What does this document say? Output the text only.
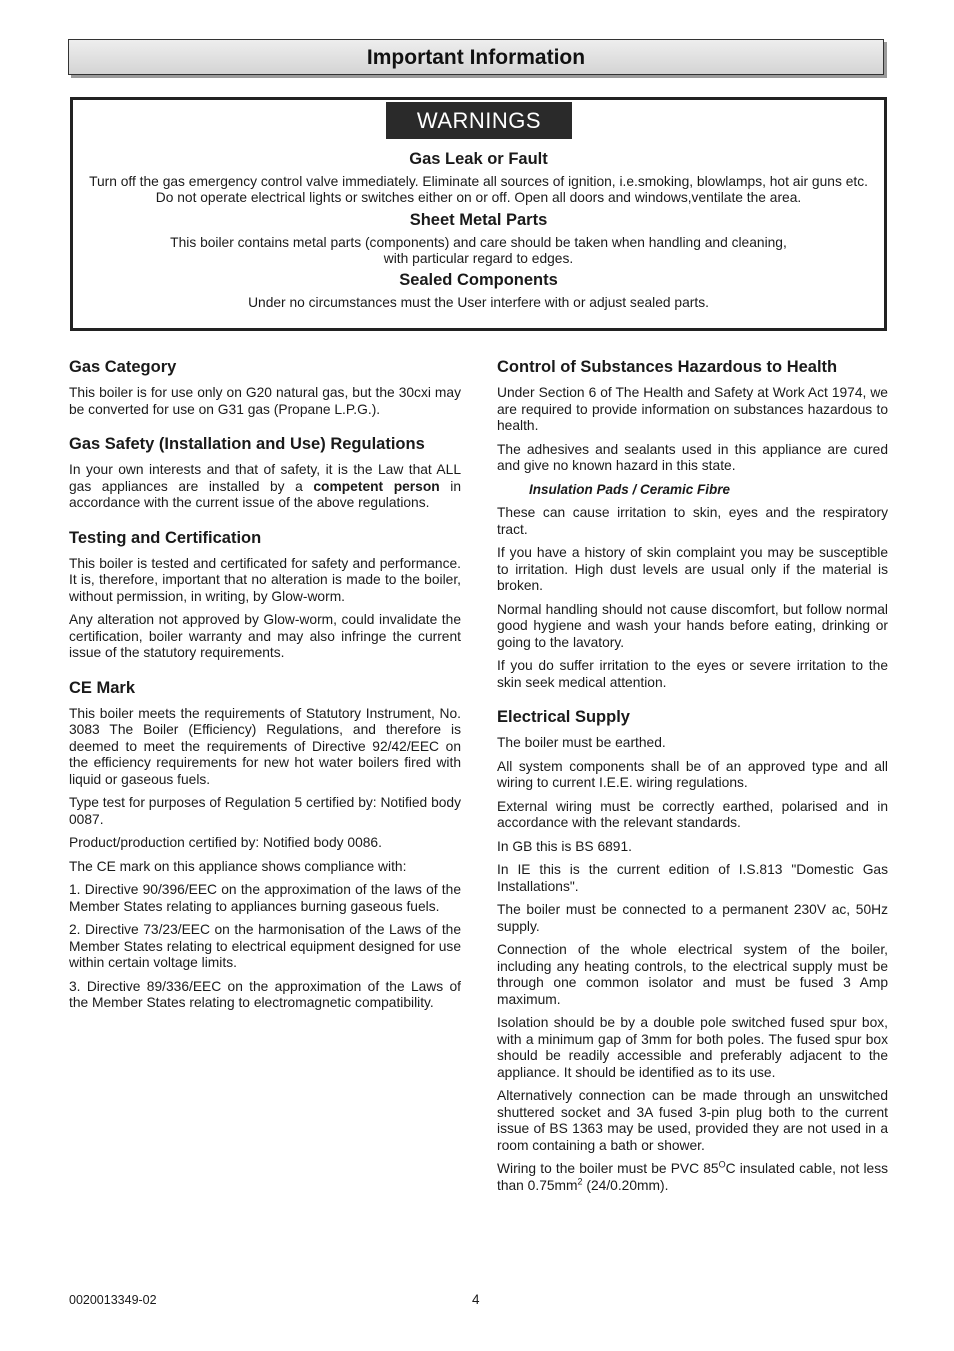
Important Information
WARNINGS
Gas Leak or Fault

Turn off the gas emergency control valve immediately. Eliminate all sources of ignition, i.e.smoking, blowlamps, hot air guns etc. Do not operate electrical lights or switches either on or off. Open all doors and windows,ventilate the area.

Sheet Metal Parts

This boiler contains metal parts (components) and care should be taken when handling and cleaning,
with particular regard to edges.

Sealed Components

Under no circumstances must the User interfere with or adjust sealed parts.

Gas Category

This boiler is for use only on G20 natural gas, but the 30cxi may be converted for use on G31 gas (Propane L.P.G.).

Gas Safety (Installation and Use) Regulations

In your own interests and that of safety, it is the Law that ALL gas appliances are installed by a competent person in accordance with the current issue of the above regulations.

Testing and Certification

This boiler is tested and certificated for safety and performance. It is, therefore, important that no alteration is made to the boiler, without permission, in writing, by Glow-worm.

Any alteration not approved by Glow-worm, could invalidate the certification, boiler warranty and may also infringe the current issue of the statutory requirements.

CE Mark

This boiler meets the requirements of Statutory Instrument, No. 3083 The Boiler (Efficiency) Regulations, and therefore is deemed to meet the requirements of Directive 92/42/EEC on the efficiency requirements for new hot water boilers fired with liquid or gaseous fuels.

Type test for purposes of Regulation 5 certified by: Notified body 0087.

Product/production certified by: Notified body 0086.

The CE mark on this appliance shows compliance with:

1. Directive 90/396/EEC on the approximation of the laws of the Member States relating to appliances burning gaseous fuels.

2. Directive 73/23/EEC on the harmonisation of the Laws of the Member States relating to electrical equipment designed for use within certain voltage limits.

3. Directive 89/336/EEC on the approximation of the Laws of the Member States relating to electromagnetic compatibility.

Control of Substances Hazardous to Health

Under Section 6 of The Health and Safety at Work Act 1974, we are required to provide information on substances hazardous to health.

The adhesives and sealants used in this appliance are cured and give no known hazard in this state.

Insulation Pads / Ceramic Fibre

These can cause irritation to skin, eyes and the respiratory tract.

If you have a history of skin complaint you may be susceptible to irritation. High dust levels are usual only if the material is broken.

Normal handling should not cause discomfort, but follow normal good hygiene and wash your hands before eating, drinking or going to the lavatory.

If you do suffer irritation to the eyes or severe irritation to the skin seek medical attention.

Electrical Supply

The boiler must be earthed.

All system components shall be of an approved type and all wiring to current I.E.E. wiring regulations.

External wiring must be correctly earthed, polarised and in accordance with the relevant standards.

In GB this is BS 6891.

In IE this is the current edition of I.S.813 "Domestic Gas Installations".

The boiler must be connected to a permanent 230V ac, 50Hz supply.

Connection of the whole electrical system of the boiler, including any heating controls, to the electrical supply must be through one common isolator and must be fused 3 Amp maximum.

Isolation should be by a double pole switched fused spur box, with a minimum gap of 3mm for both poles. The fused spur box should be readily accessible and preferably adjacent to the appliance. It should be identified as to its use.

Alternatively connection can be made through an unswitched shuttered socket and 3A fused 3-pin plug both to the current issue of BS 1363 may be used, provided they are not used in a room containing a bath or shower.

Wiring to the boiler must be PVC $85^OC$ insulated cable, not less than $0.75mm^2$ (24/0.20mm).

0020013349-02	4
